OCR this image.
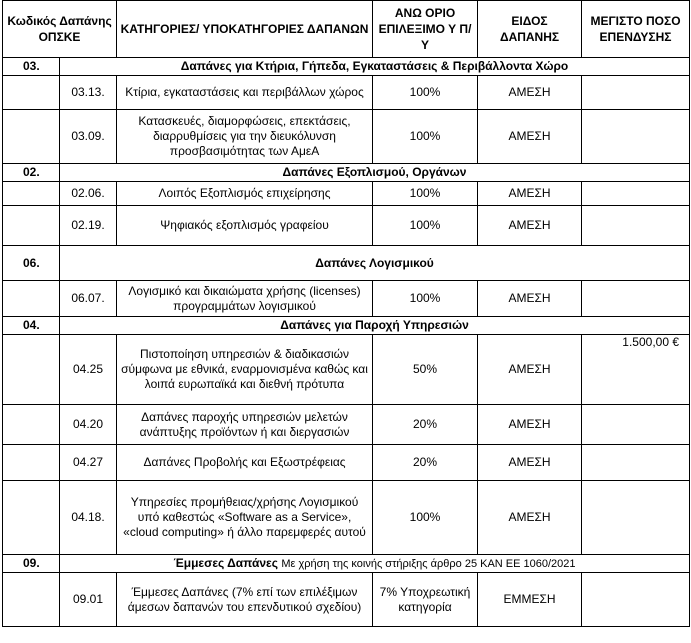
Κωδικός Δαπάνης ΟΠΣΚΕ		ΚΑΤΗΓΟΡΙΕΣ/ ΥΠΟΚΑΤΗΓΟΡΙΕΣ ΔΑΠΑΝΩΝ	ΑΝΩ ΟΡΙΟ ΕΠΙΛΕΞΙΜΟ Υ Π/Υ	ΕΙΔΟΣ ΔΑΠΑΝΗΣ	ΜΕΓΙΣΤΟ ΠΟΣΟ ΕΠΕΝΔΥΣΗΣ
03.	Δαπάνες για Κτήρια, Γήπεδα, Εγκαταστάσεις & Περιβάλλοντα Χώρο				
	03.13.	Κτίρια, εγκαταστάσεις και περιβάλλων χώρος	100%	ΑΜΕΣΗ	
	03.09.	Κατασκευές, διαμορφώσεις, επεκτάσεις, διαρρυθμίσεις για την διευκόλυνση προσβασιμότητας των ΑμεΑ	100%	ΑΜΕΣΗ	
02.	Δαπάνες Εξοπλισμού, Οργάνων				
	02.06.	Λοιπός Εξοπλισμός επιχείρησης	100%	ΑΜΕΣΗ	
	02.19.	Ψηφιακός εξοπλισμός γραφείου	100%	ΑΜΕΣΗ	
06.	Δαπάνες Λογισμικού				
	06.07.	Λογισμικό και δικαιώματα χρήσης (licenses) προγραμμάτων λογισμικού	100%	ΑΜΕΣΗ	
04.	Δαπάνες για Παροχή Υπηρεσιών				
	04.25	Πιστοποίηση υπηρεσιών & διαδικασιών σύμφωνα με εθνικά, εναρμονισμένα καθώς και λοιπά ευρωπαϊκά και διεθνή πρότυπα	50%	ΑΜΕΣΗ	1.500,00 €
	04.20	Δαπάνες παροχής υπηρεσιών μελετών ανάπτυξης προϊόντων ή και διεργασιών	20%	ΑΜΕΣΗ	
	04.27	Δαπάνες Προβολής και Εξωστρέφειας	20%	ΑΜΕΣΗ	
	04.18.	Υπηρεσίες προμήθειας/χρήσης Λογισμικού υπό καθεστώς «Software as a Service», «cloud computing» ή άλλο παρεμφερές αυτού	100%	ΑΜΕΣΗ	
09.	Έμμεσες Δαπάνες Με χρήση της κοινής στήριξης άρθρο 25 ΚΑΝ ΕΕ 1060/2021				
	09.01	Έμμεσες Δαπάνες (7% επί των επιλέξιμων άμεσων δαπανών του επενδυτικού σχεδίου)	7% Υποχρεωτική κατηγορία	ΕΜΜΕΣΗ	
